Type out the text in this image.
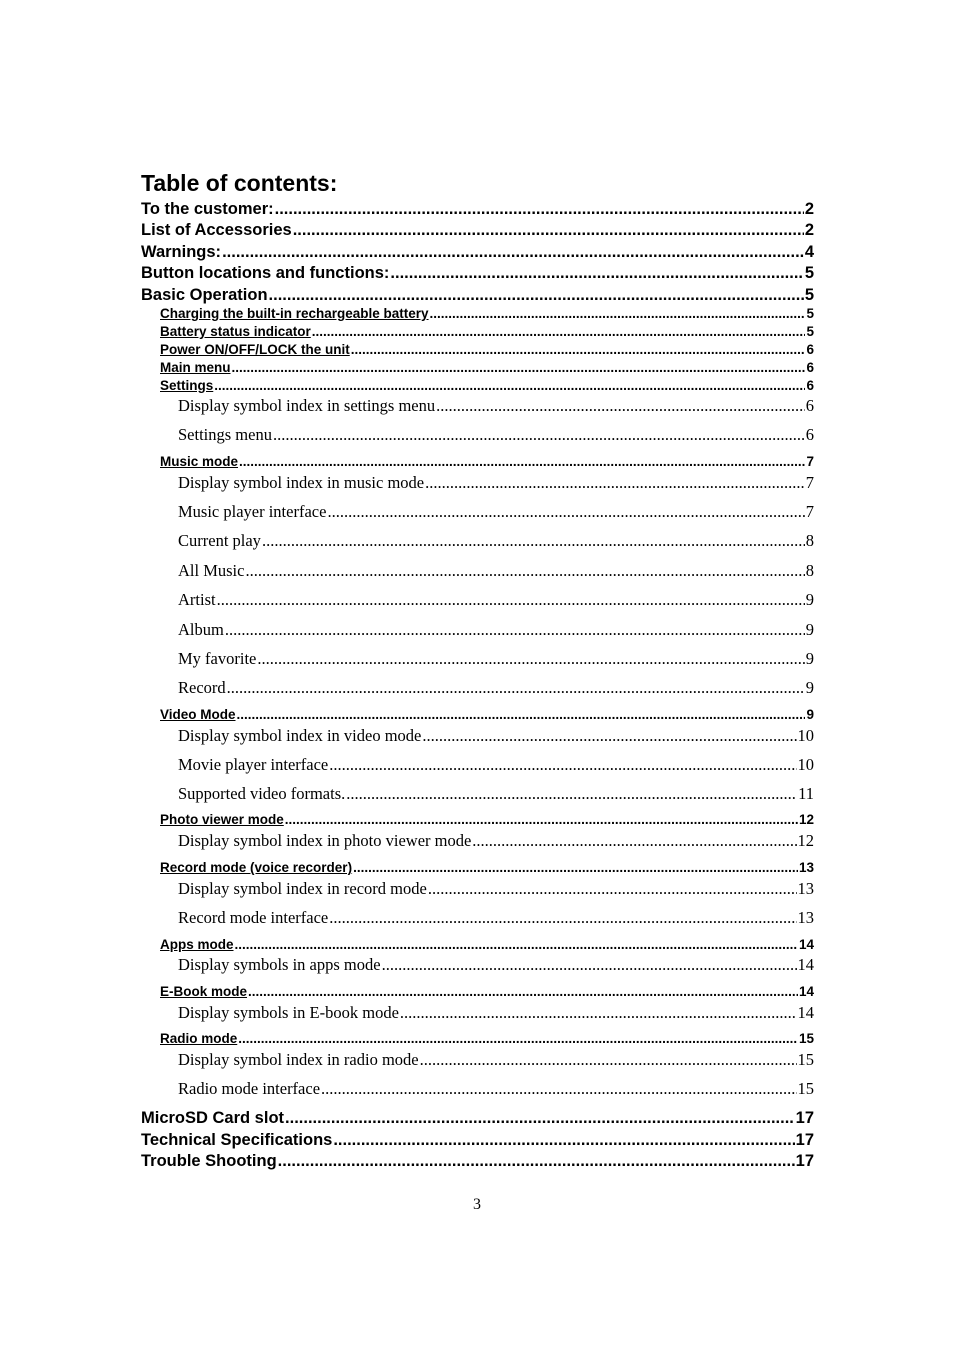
Table of contents:
To the customer: .....	2
List of Accessories .....	2
Warnings: .....	4
Button locations and functions: .....	5
Basic Operation .....	5
Charging the built-in rechargeable battery .....	5
Battery status indicator .....	5
Power ON/OFF/LOCK the unit .....	6
Main menu .....	6
Settings .....	6
Display symbol index in settings menu .....	6
Settings menu .....	6
Music mode .....	7
Display symbol index in music mode .....	7
Music player interface .....	7
Current play .....	8
All Music .....	8
Artist .....	9
Album .....	9
My favorite .....	9
Record .....	9
Video Mode .....	9
Display symbol index in video mode .....	10
Movie player interface .....	10
Supported video formats. .....	11
Photo viewer mode .....	12
Display symbol index in photo viewer mode .....	12
Record mode (voice recorder) .....	13
Display symbol index in record mode .....	13
Record mode interface .....	13
Apps mode .....	14
Display symbols in apps mode .....	14
E-Book mode .....	14
Display symbols in E-book mode .....	14
Radio mode .....	15
Display symbol index in radio mode .....	15
Radio mode interface .....	15
MicroSD Card slot .....	17
Technical Specifications .....	17
Trouble Shooting .....	17
3
